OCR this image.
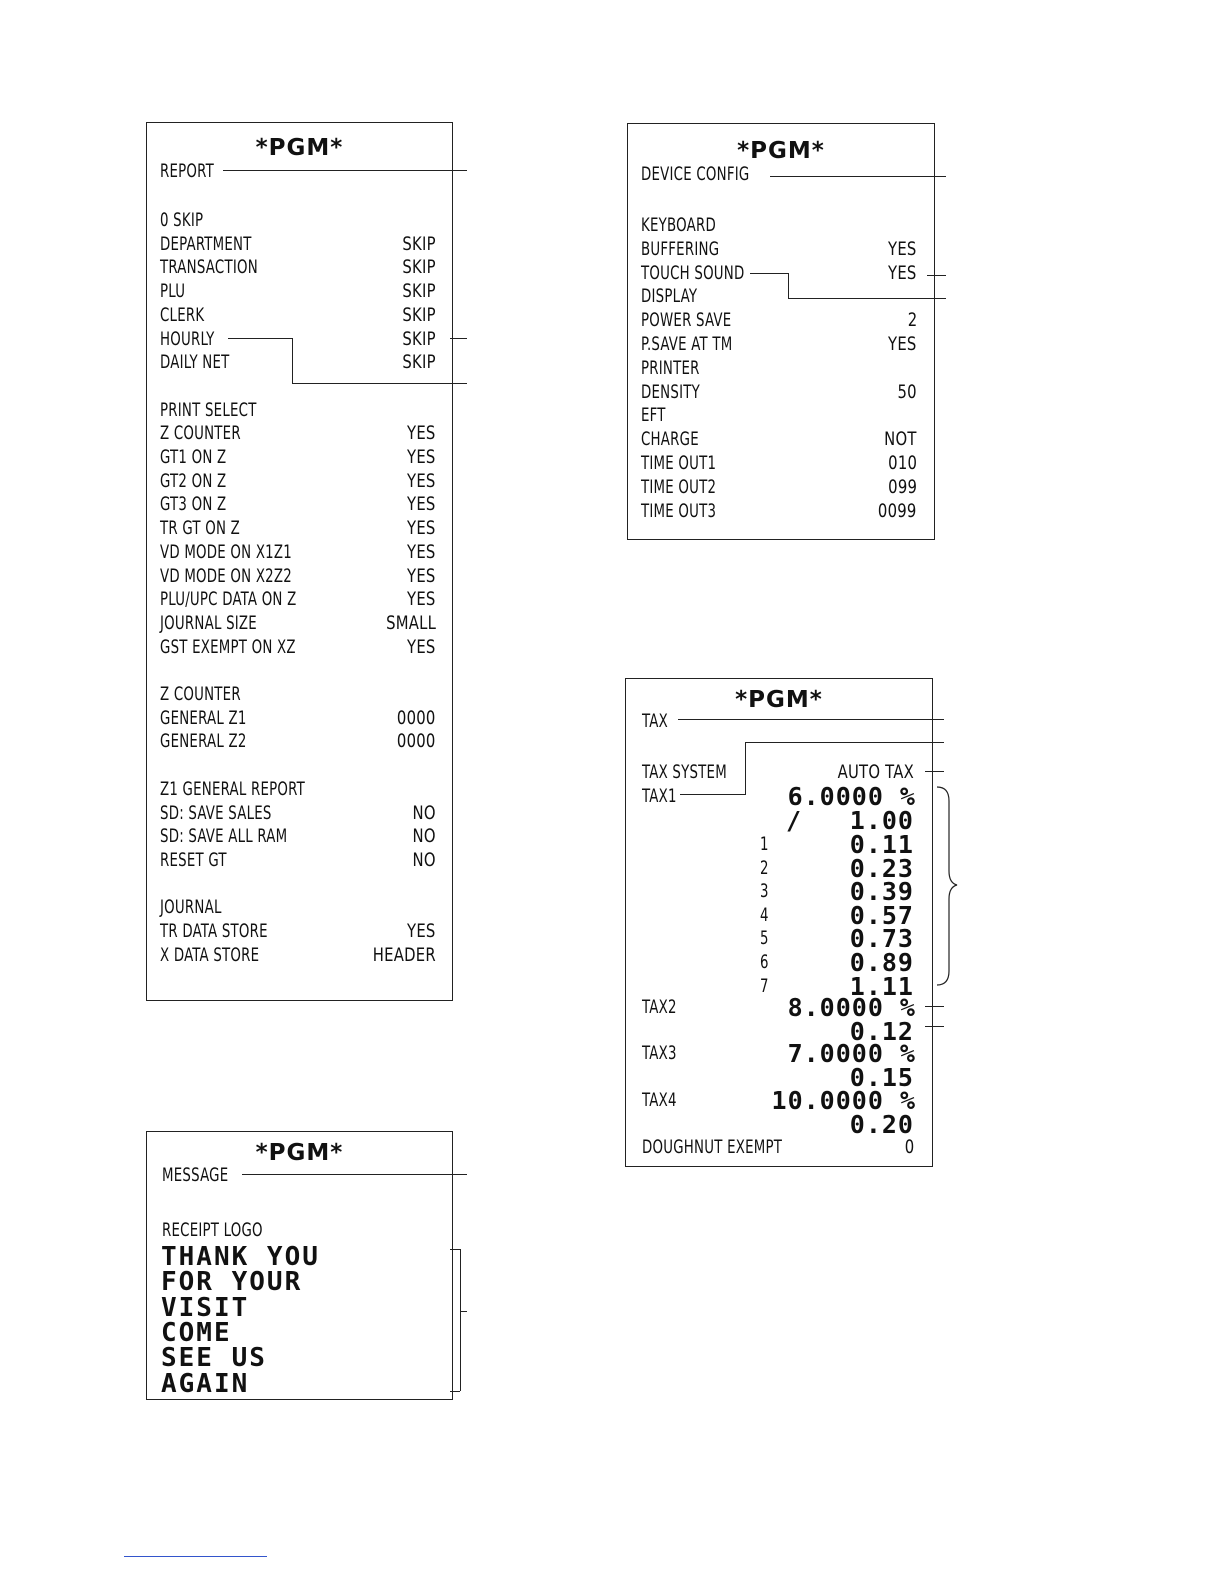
*PGM*
REPORT
0 SKIP
DEPARTMENT	SKIP
TRANSACTION	SKIP
PLU	SKIP
CLERK	SKIP
HOURLY	SKIP
DAILY NET	SKIP
PRINT SELECT
Z COUNTER	YES
GT1 ON Z	YES
GT2 ON Z	YES
GT3 ON Z	YES
TR GT ON Z	YES
VD MODE ON X1Z1	YES
VD MODE ON X2Z2	YES
PLU/UPC DATA ON Z	YES
JOURNAL SIZE	SMALL
GST EXEMPT ON XZ	YES
Z COUNTER
GENERAL Z1	0000
GENERAL Z2	0000
Z1 GENERAL REPORT
SD: SAVE SALES	NO
SD: SAVE ALL RAM	NO
RESET GT	NO
JOURNAL
TR DATA STORE	YES
X DATA STORE	HEADER
*PGM*
MESSAGE
RECEIPT LOGO
THANK YOU
FOR YOUR
VISIT
COME
SEE US
AGAIN
*PGM*
DEVICE CONFIG
KEYBOARD
BUFFERING	YES
TOUCH SOUND	YES
DISPLAY
POWER SAVE	2
P.SAVE AT TM	YES
PRINTER
DENSITY	50
EFT
CHARGE	NOT
TIME OUT1	010
TIME OUT2	099
TIME OUT3	0099
*PGM*
TAX
TAX SYSTEM	AUTO TAX
TAX1	6.0000 %
/ 1.00
1	0.11
2	0.23
3	0.39
4	0.57
5	0.73
6	0.89
7	1.11
TAX2	8.0000 %
0.12
TAX3	7.0000 %
0.15
TAX4	10.0000 %
0.20
DOUGHNUT EXEMPT	0
